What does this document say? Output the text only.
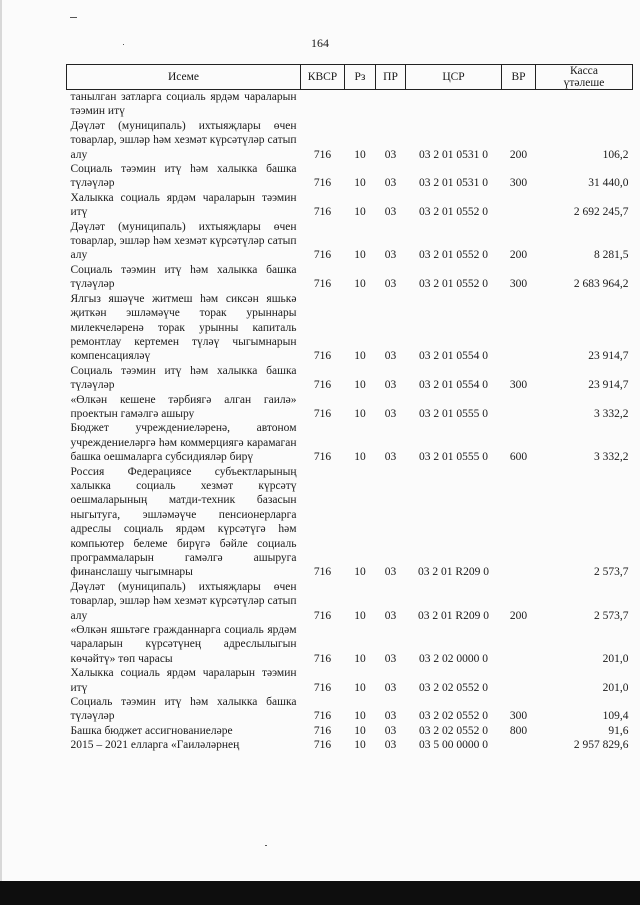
164
Исеме	КВСР	Рз	ПР	ЦСР	ВР	Касса
үтәлеше

танылган затларга социаль ярдәм чараларын тәэмин итү						
Дәүләт (муниципаль) ихтыяҗлары өчен товарлар, эшләр һәм хезмәт күрсәтүләр сатып алу	716	10	03	03 2 01 0531 0	200	106,2
Социаль тәэмин итү һәм халыкка башка түләүләр	716	10	03	03 2 01 0531 0	300	31 440,0
Халыкка социаль ярдәм чараларын тәэмин итү	716	10	03	03 2 01 0552 0		2 692 245,7
Дәүләт (муниципаль) ихтыяҗлары өчен товарлар, эшләр һәм хезмәт күрсәтүләр сатып алу	716	10	03	03 2 01 0552 0	200	8 281,5
Социаль тәэмин итү һәм халыкка башка түләүләр	716	10	03	03 2 01 0552 0	300	2 683 964,2
Ялгыз яшәүче житмеш һәм сиксән яшькә җиткән эшләмәүче торак урыннары милекчеләренә торак урынны капиталь ремонтлау кертемен түләү чыгымнарын компенсацияләү	716	10	03	03 2 01 0554 0		23 914,7
Социаль тәэмин итү һәм халыкка башка түләүләр	716	10	03	03 2 01 0554 0	300	23 914,7
«Өлкән кешене тәрбиягә алган гаилә» проектын гамәлгә ашыру	716	10	03	03 2 01 0555 0		3 332,2
Бюджет учреждениеләренә, автоном учреждениеләргә һәм коммерциягә карамаган башка оешмаларга субсидияләр бирү	716	10	03	03 2 01 0555 0	600	3 332,2
Россия Федерациясе субъектларының халыкка социаль хезмәт күрсәтү оешмаларының матди-техник базасын ныгытуга, эшләмәүче пенсионерларга адреслы социаль ярдәм күрсәтүгә һәм компьютер белеме бирүгә бәйле социаль программаларын гамәлгә ашыруга финанслашу чыгымнары	716	10	03	03 2 01 R209 0		2 573,7
Дәүләт (муниципаль) ихтыяҗлары өчен товарлар, эшләр һәм хезмәт күрсәтүләр сатып алу	716	10	03	03 2 01 R209 0	200	2 573,7
«Өлкән яшьтәге гражданнарга социаль ярдәм чараларын күрсәтүнең адреслылыгын көчәйтү» төп чарасы	716	10	03	03 2 02 0000 0		201,0
Халыкка социаль ярдәм чараларын тәэмин итү	716	10	03	03 2 02 0552 0		201,0
Социаль тәэмин итү һәм халыкка башка түләүләр	716	10	03	03 2 02 0552 0	300	109,4
Башка бюджет ассигнованиеләре	716	10	03	03 2 02 0552 0	800	91,6
2015 – 2021 елларга «Гаиләләрнең	716	10	03	03 5 00 0000 0		2 957 829,6
